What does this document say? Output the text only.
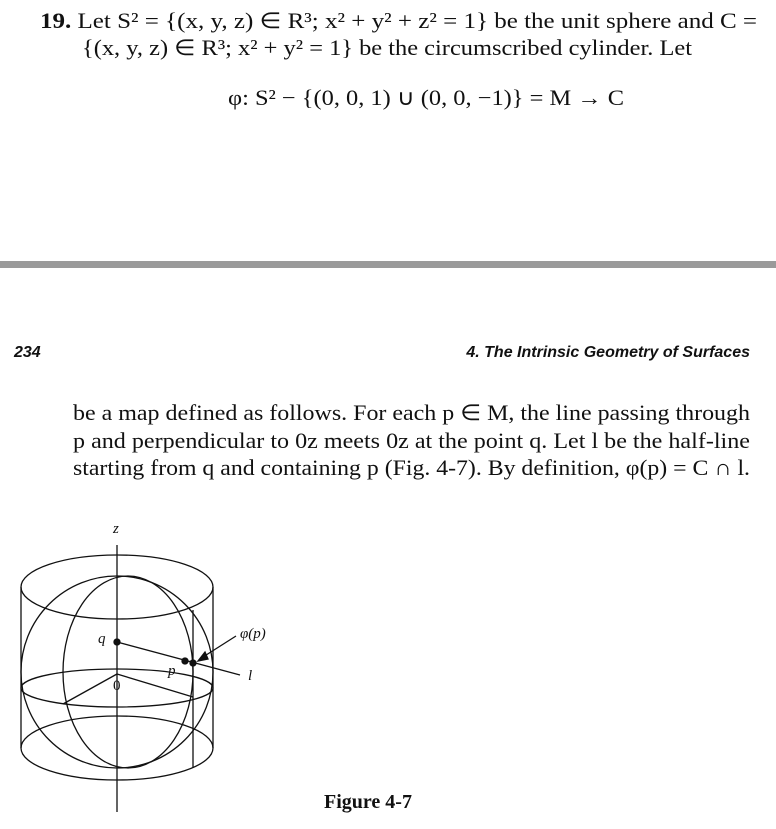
19. Let S² = {(x, y, z) ∈ R³; x² + y² + z² = 1} be the unit sphere and C =
{(x, y, z) ∈ R³; x² + y² = 1} be the circumscribed cylinder. Let
φ: S² − {(0, 0, 1) ∪ (0, 0, −1)} = M → C
234	4. The Intrinsic Geometry of Surfaces
be a map defined as follows. For each p ∈ M, the line passing through
p and perpendicular to 0z meets 0z at the point q. Let l be the half-line
starting from q and containing p (Fig. 4-7). By definition, φ(p) = C ∩ l.
z
q
p
0
φ(p)
l
Figure 4-7
